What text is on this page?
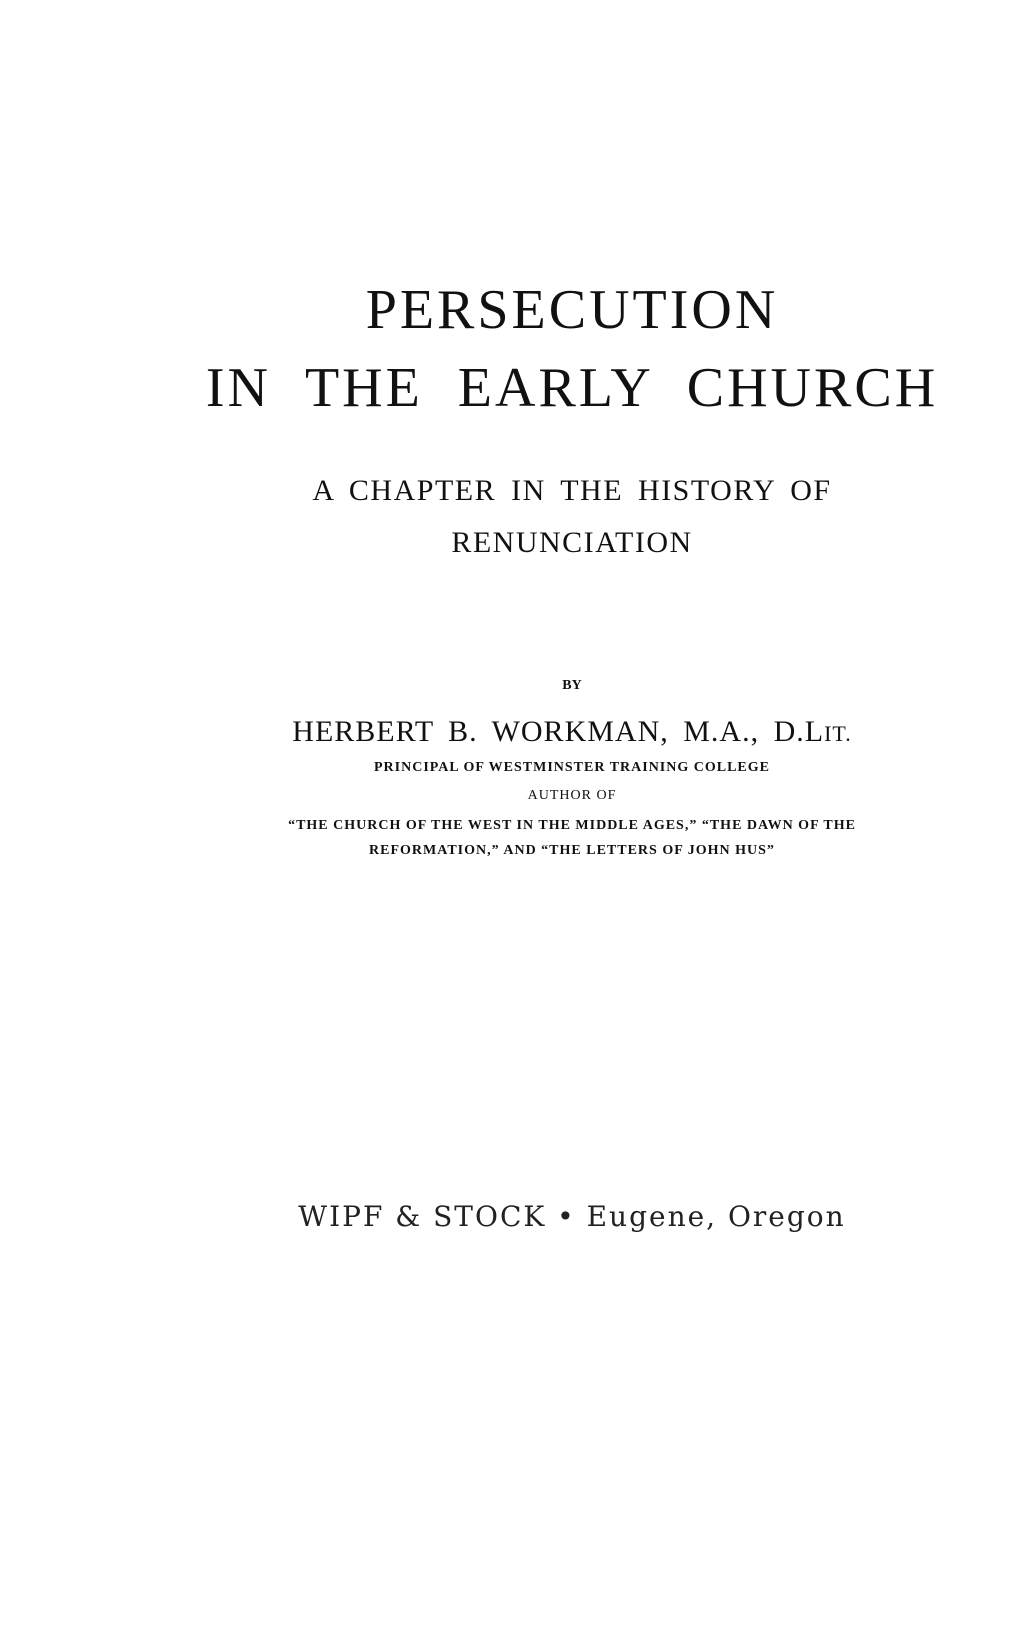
PERSECUTION

IN THE EARLY CHURCH

A CHAPTER IN THE HISTORY OF

RENUNCIATION

BY

HERBERT B. WORKMAN, M.A., D.LIT.

PRINCIPAL OF WESTMINSTER TRAINING COLLEGE

AUTHOR OF

“THE CHURCH OF THE WEST IN THE MIDDLE AGES,” “THE DAWN OF THE

REFORMATION,” AND “THE LETTERS OF JOHN HUS”

WIPF & STOCK • Eugene, Oregon
